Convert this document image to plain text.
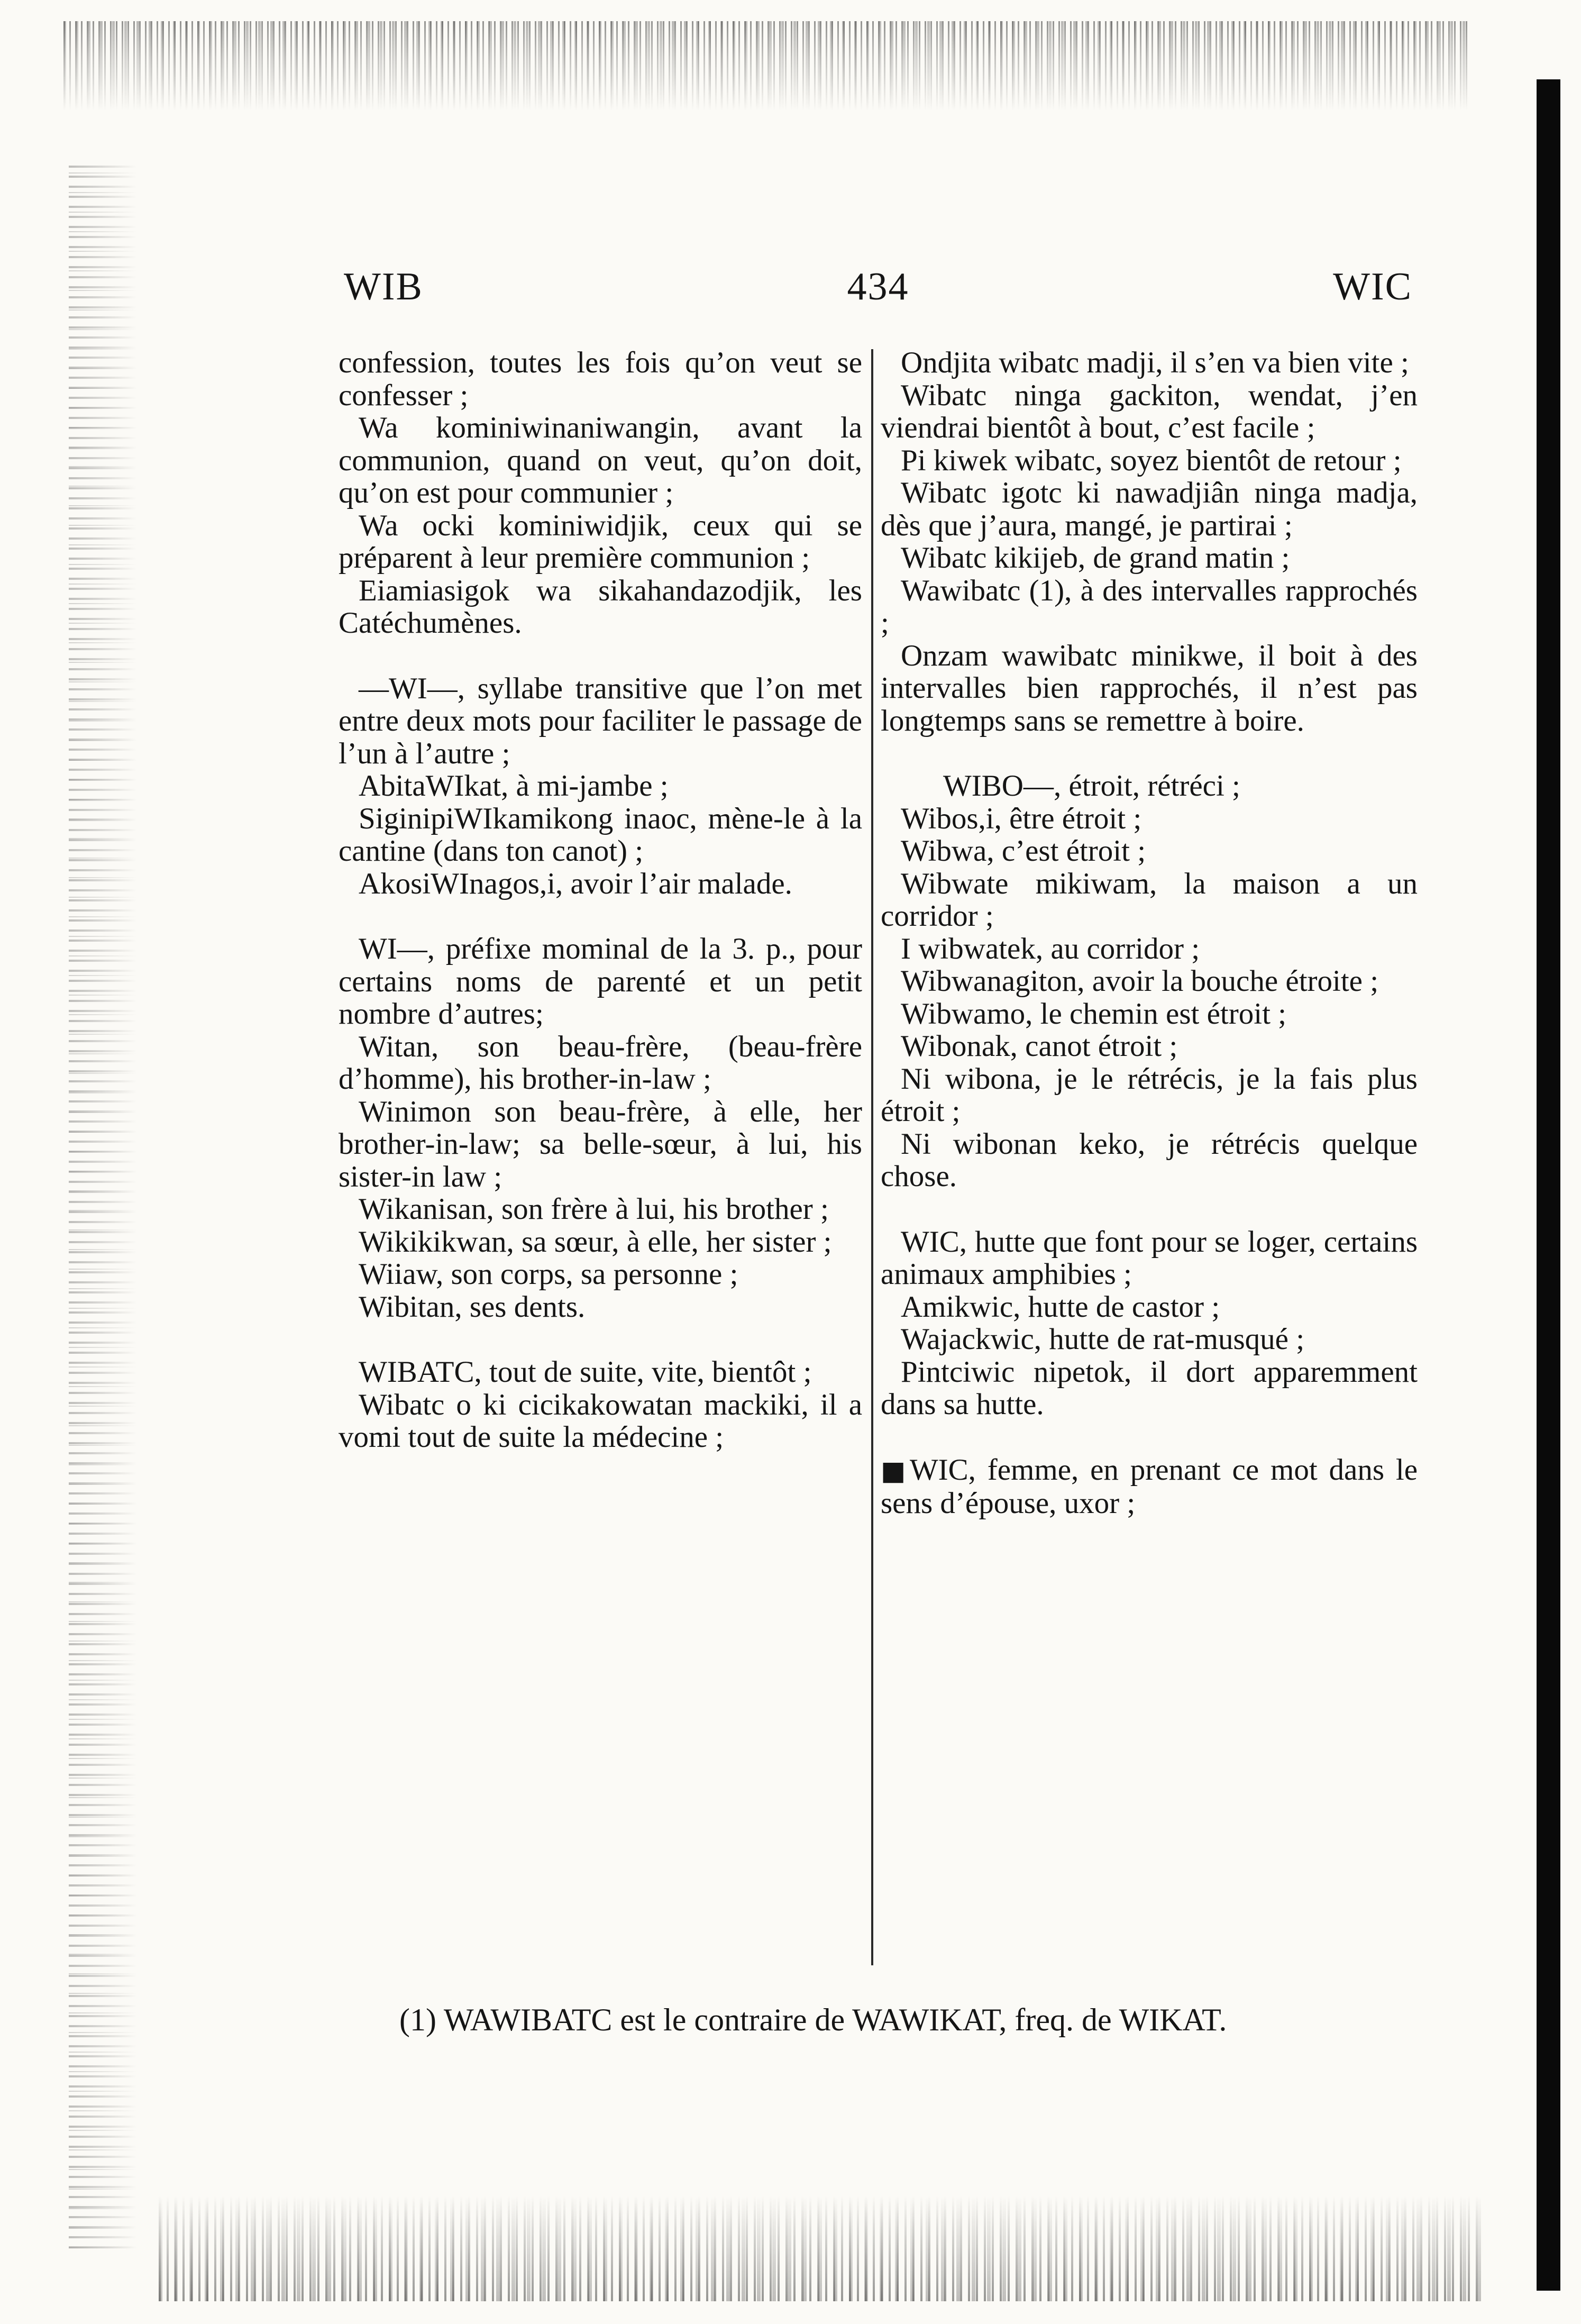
WIB	434	WIC

confession, toutes les fois qu’on veut se confesser ;

Wa kominiwinaniwangin, avant la communion, quand on veut, qu’on doit, qu’on est pour communier ;

Wa ocki kominiwidjik, ceux qui se préparent à leur première communion ;

Eiamiasigok wa sikahandazodjik, les Catéchumènes.

—WI—, syllabe transitive que l’on met entre deux mots pour faciliter le passage de l’un à l’autre ;

AbitaWIkat, à mi-jambe ;

SiginipiWIkamikong inaoc, mène-le à la cantine (dans ton canot) ;

AkosiWInagos,i, avoir l’air malade.

WI—, préfixe mominal de la 3. p., pour certains noms de parenté et un petit nombre d’autres;

Witan, son beau-frère, (beau-frère d’homme), his brother-in-law ;

Winimon son beau-frère, à elle, her brother-in-law; sa belle-sœur, à lui, his sister-in law ;

Wikanisan, son frère à lui, his brother ;

Wikikikwan, sa sœur, à elle, her sister ;

Wiiaw, son corps, sa personne ;

Wibitan, ses dents.

WIBATC, tout de suite, vite, bientôt ;

Wibatc o ki cicikakowatan mackiki, il a vomi tout de suite la médecine ;

Ondjita wibatc madji, il s’en va bien vite ;

Wibatc ninga gackiton, wendat, j’en viendrai bientôt à bout, c’est facile ;

Pi kiwek wibatc, soyez bientôt de retour ;

Wibatc igotc ki nawadjiân ninga madja, dès que j’aura, mangé, je partirai ;

Wibatc kikijeb, de grand matin ;

Wawibatc (1), à des intervalles rapprochés ;

Onzam wawibatc minikwe, il boit à des intervalles bien rapprochés, il n’est pas longtemps sans se remettre à boire.

WIBO—, étroit, rétréci ;

Wibos,i, être étroit ;

Wibwa, c’est étroit ;

Wibwate mikiwam, la maison a un corridor ;

I wibwatek, au corridor ;

Wibwanagiton, avoir la bouche étroite ;

Wibwamo, le chemin est étroit ;

Wibonak, canot étroit ;

Ni wibona, je le rétrécis, je la fais plus étroit ;

Ni wibonan keko, je rétrécis quelque chose.

WIC, hutte que font pour se loger, certains animaux amphibies ;

Amikwic, hutte de castor ;

Wajackwic, hutte de rat-musqué ;

Pintciwic nipetok, il dort apparemment dans sa hutte.

■WIC, femme, en prenant ce mot dans le sens d’épouse, uxor ;

(1) WAWIBATC est le contraire de WAWIKAT, freq. de WIKAT.
